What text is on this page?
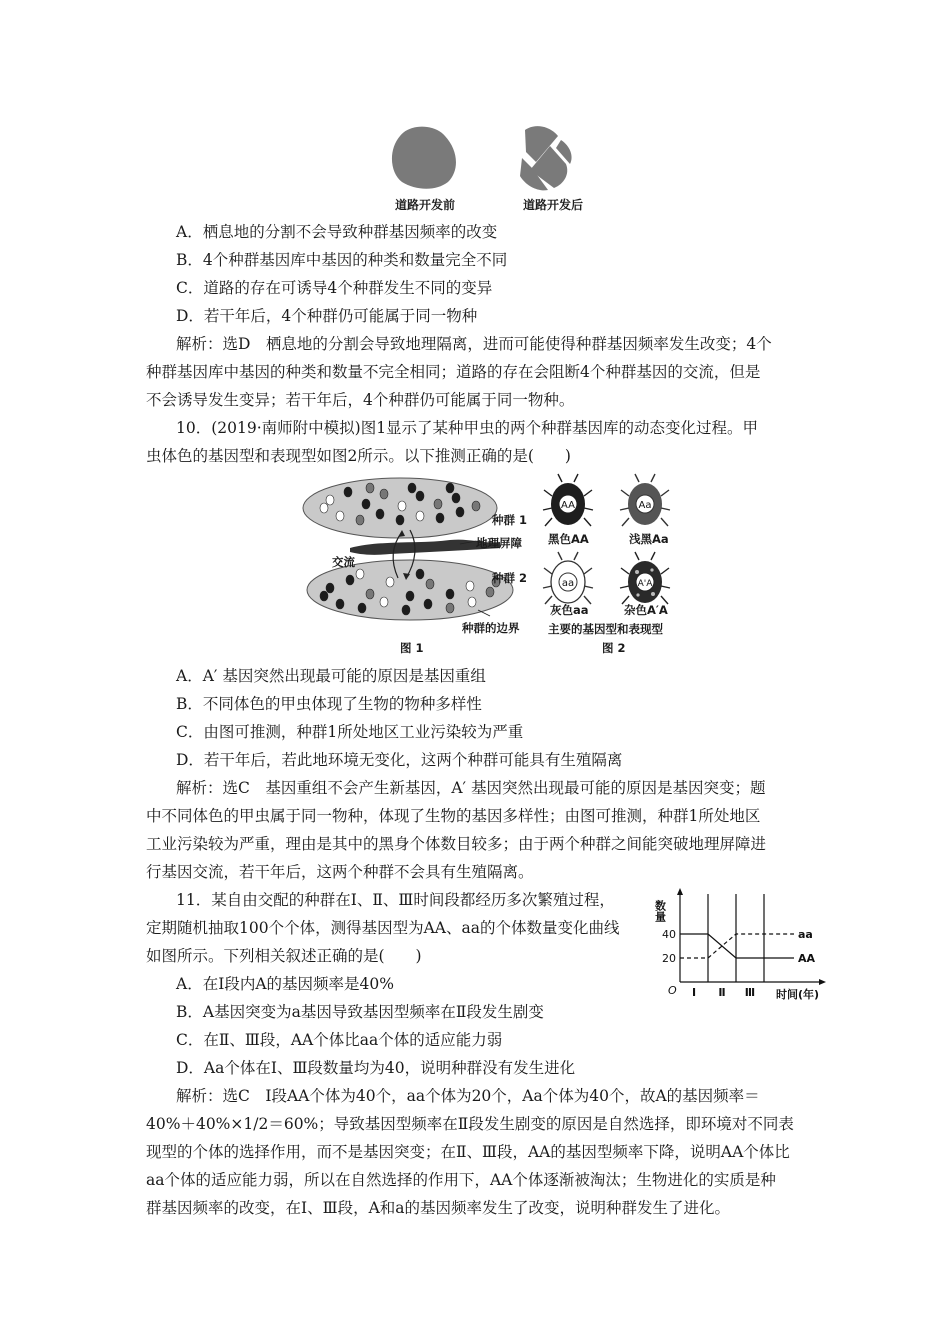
道路开发前	道路开发后
A．栖息地的分割不会导致种群基因频率的改变
B．4个种群基因库中基因的种类和数量完全不同
C．道路的存在可诱导4个种群发生不同的变异
D．若干年后，4个种群仍可能属于同一物种
解析：选D　栖息地的分割会导致地理隔离，进而可能使得种群基因频率发生改变；4个
种群基因库中基因的种类和数量不完全相同；道路的存在会阻断4个种群基因的交流，但是
不会诱导发生变异；若干年后，4个种群仍可能属于同一物种。
10．(2019·南师附中模拟)图1显示了某种甲虫的两个种群基因库的动态变化过程。甲
虫体色的基因型和表现型如图2所示。以下推测正确的是(　　)
种群 1
地理屏障
交流
种群 2
种群的边界
图 1
AA	Aa
aa	A'A
黑色AA	浅黑Aa
灰色aa	杂色A′A
主要的基因型和表现型
图 2
A．A′ 基因突然出现最可能的原因是基因重组
B．不同体色的甲虫体现了生物的物种多样性
C．由图可推测，种群1所处地区工业污染较为严重
D．若干年后，若此地环境无变化，这两个种群可能具有生殖隔离
解析：选C　基因重组不会产生新基因，A′ 基因突然出现最可能的原因是基因突变；题
中不同体色的甲虫属于同一物种，体现了生物的基因多样性；由图可推测，种群1所处地区
工业污染较为严重，理由是其中的黑身个体数目较多；由于两个种群之间能突破地理屏障进
行基因交流，若干年后，这两个种群不会具有生殖隔离。
11．某自由交配的种群在Ⅰ、Ⅱ、Ⅲ时间段都经历多次繁殖过程，
定期随机抽取100个个体，测得基因型为AA、aa的个体数量变化曲线
如图所示。下列相关叙述正确的是(　　)
A．在Ⅰ段内A的基因频率是40%
B．A基因突变为a基因导致基因型频率在Ⅱ段发生剧变
C．在Ⅱ、Ⅲ段，AA个体比aa个体的适应能力弱
D．Aa个体在Ⅰ、Ⅲ段数量均为40，说明种群没有发生进化
数量
O	时间(年)
20
40
Ⅰ Ⅱ Ⅲ
aa
AA
解析：选C　Ⅰ段AA个体为40个，aa个体为20个，Aa个体为40个，故A的基因频率＝
40%＋40%×1/2＝60%；导致基因型频率在Ⅱ段发生剧变的原因是自然选择，即环境对不同表
现型的个体的选择作用，而不是基因突变；在Ⅱ、Ⅲ段，AA的基因型频率下降，说明AA个体比
aa个体的适应能力弱，所以在自然选择的作用下，AA个体逐渐被淘汰；生物进化的实质是种
群基因频率的改变，在Ⅰ、Ⅲ段，A和a的基因频率发生了改变，说明种群发生了进化。
